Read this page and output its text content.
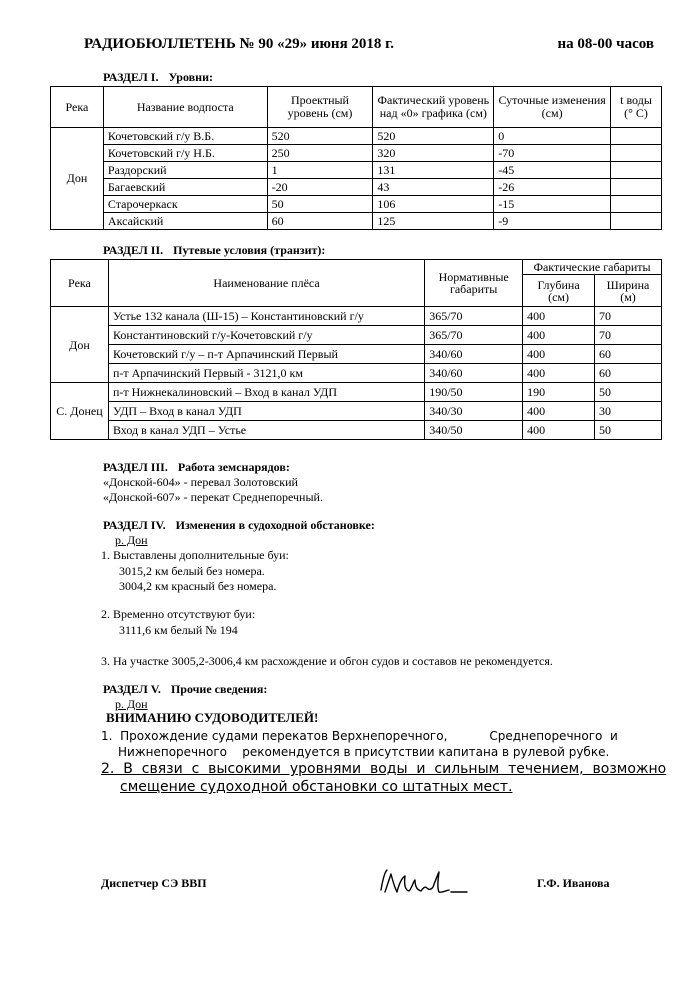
РАДИОБЮЛЛЕТЕНЬ № 90 «29» июня 2018 г.	на 08-00 часов
РАЗДЕЛ I. Уровни:
Река	Название водпоста	Проектный уровень (см)	Фактический уровень над «0» графика (см)	Суточные изменения (см)	t воды (° С)
Дон	Кочетовский г/у В.Б.	520	520	0	
	Кочетовский г/у Н.Б.	250	320	-70	
	Раздорский	1	131	-45	
	Багаевский	-20	43	-26	
	Старочеркаск	50	106	-15	
	Аксайский	60	125	-9	
РАЗДЕЛ II. Путевые условия (транзит):
Река	Наименование плёса	Нормативные габариты	Фактические габариты	
			Глубина (см)	Ширина (м)
Дон	Устье 132 канала (Ш-15) – Константиновский г/у	365/70	400	70
	Константиновский г/у-Кочетовский г/у	365/70	400	70
	Кочетовский г/у – п-т Арпачинский Первый	340/60	400	60
	п-т Арпачинский Первый - 3121,0 км	340/60	400	60
С. Донец	п-т Нижнекалиновский – Вход в канал УДП	190/50	190	50
	УДП – Вход в канал УДП	340/30	400	30
	Вход в канал УДП – Устье	340/50	400	50
РАЗДЕЛ III. Работа земснарядов:
«Донской-604» - перевал Золотовский
«Донской-607» - перекат Среднепоречный.
РАЗДЕЛ IV. Изменения в судоходной обстановке:
р. Дон
1. Выставлены дополнительные буи:
3015,2 км белый без номера.
3004,2 км красный без номера.
2. Временно отсутствуют буи:
3111,6 км белый № 194
3. На участке 3005,2-3006,4 км расхождение и обгон судов и составов не рекомендуется.
РАЗДЕЛ V. Прочие сведения:
р. Дон
ВНИМАНИЮ СУДОВОДИТЕЛЕЙ!
1.  Прохождение судами перекатов Верхнепоречного,           Среднепоречного  и
Нижнепоречного    рекомендуется в присутствии капитана в рулевой рубке.
2.  В  связи  с  высокими  уровнями  воды  и  сильным  течением,  возможно
смещение судоходной обстановки со штатных мест.
Диспетчер СЭ ВВП	Г.Ф. Иванова
